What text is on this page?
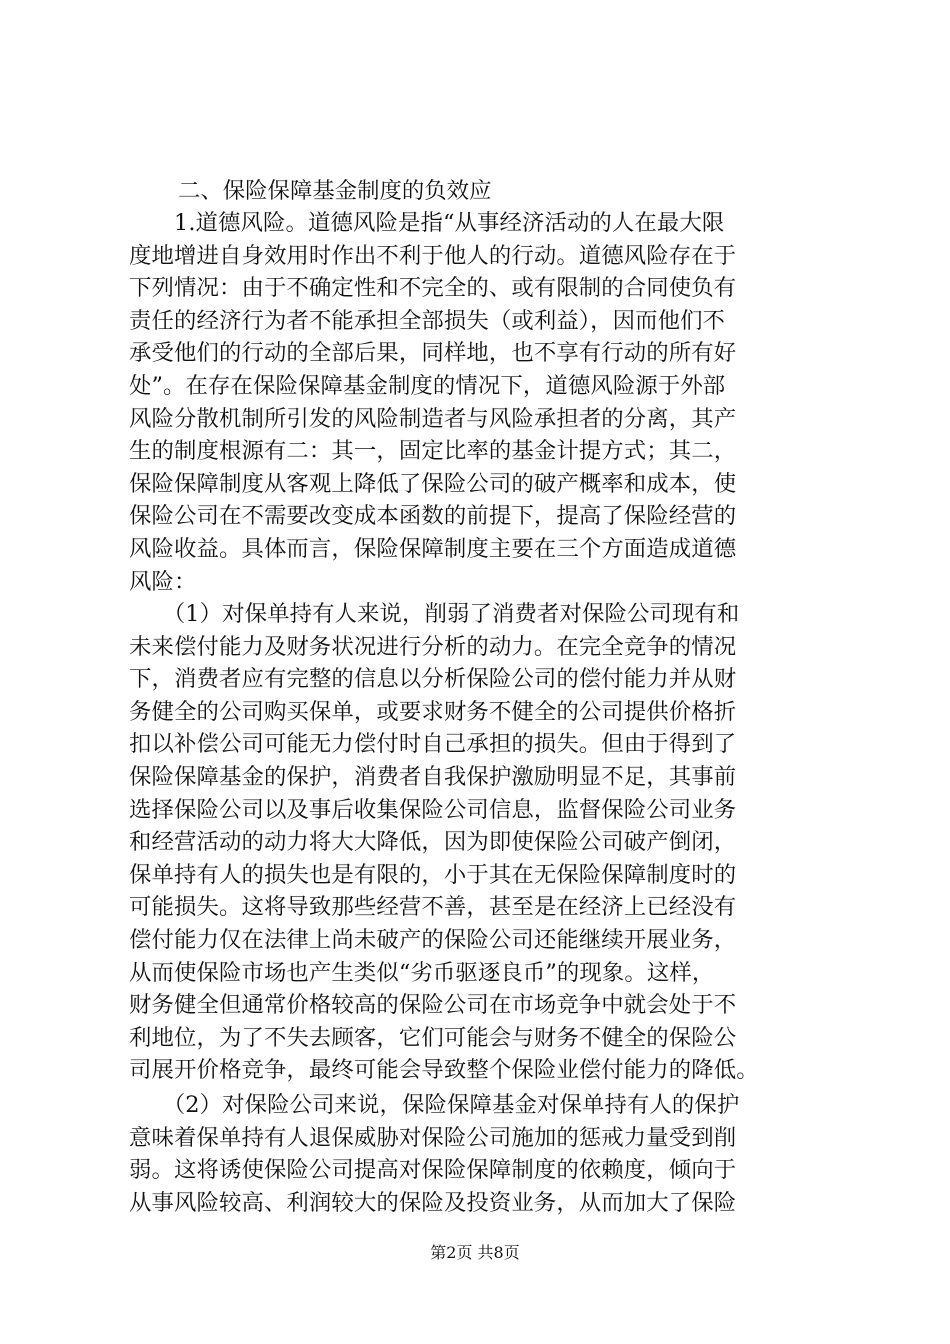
二、保险保障基金制度的负效应
　　1.道德风险。道德风险是指“从事经济活动的人在最大限
度地增进自身效用时作出不利于他人的行动。道德风险存在于
下列情况：由于不确定性和不完全的、或有限制的合同使负有
责任的经济行为者不能承担全部损失（或利益），因而他们不
承受他们的行动的全部后果，同样地，也不享有行动的所有好
处”。在存在保险保障基金制度的情况下，道德风险源于外部
风险分散机制所引发的风险制造者与风险承担者的分离，其产
生的制度根源有二：其一，固定比率的基金计提方式；其二，
保险保障制度从客观上降低了保险公司的破产概率和成本，使
保险公司在不需要改变成本函数的前提下，提高了保险经营的
风险收益。具体而言，保险保障制度主要在三个方面造成道德
风险：
　　（1）对保单持有人来说，削弱了消费者对保险公司现有和
未来偿付能力及财务状况进行分析的动力。在完全竞争的情况
下，消费者应有完整的信息以分析保险公司的偿付能力并从财
务健全的公司购买保单，或要求财务不健全的公司提供价格折
扣以补偿公司可能无力偿付时自己承担的损失。但由于得到了
保险保障基金的保护，消费者自我保护激励明显不足，其事前
选择保险公司以及事后收集保险公司信息，监督保险公司业务
和经营活动的动力将大大降低，因为即使保险公司破产倒闭，
保单持有人的损失也是有限的，小于其在无保险保障制度时的
可能损失。这将导致那些经营不善，甚至是在经济上已经没有
偿付能力仅在法律上尚未破产的保险公司还能继续开展业务，
从而使保险市场也产生类似“劣币驱逐良币”的现象。这样，
财务健全但通常价格较高的保险公司在市场竞争中就会处于不
利地位，为了不失去顾客，它们可能会与财务不健全的保险公
司展开价格竞争，最终可能会导致整个保险业偿付能力的降低。
　　（2）对保险公司来说，保险保障基金对保单持有人的保护
意味着保单持有人退保威胁对保险公司施加的惩戒力量受到削
弱。这将诱使保险公司提高对保险保障制度的依赖度，倾向于
从事风险较高、利润较大的保险及投资业务，从而加大了保险
第2页 共8页
